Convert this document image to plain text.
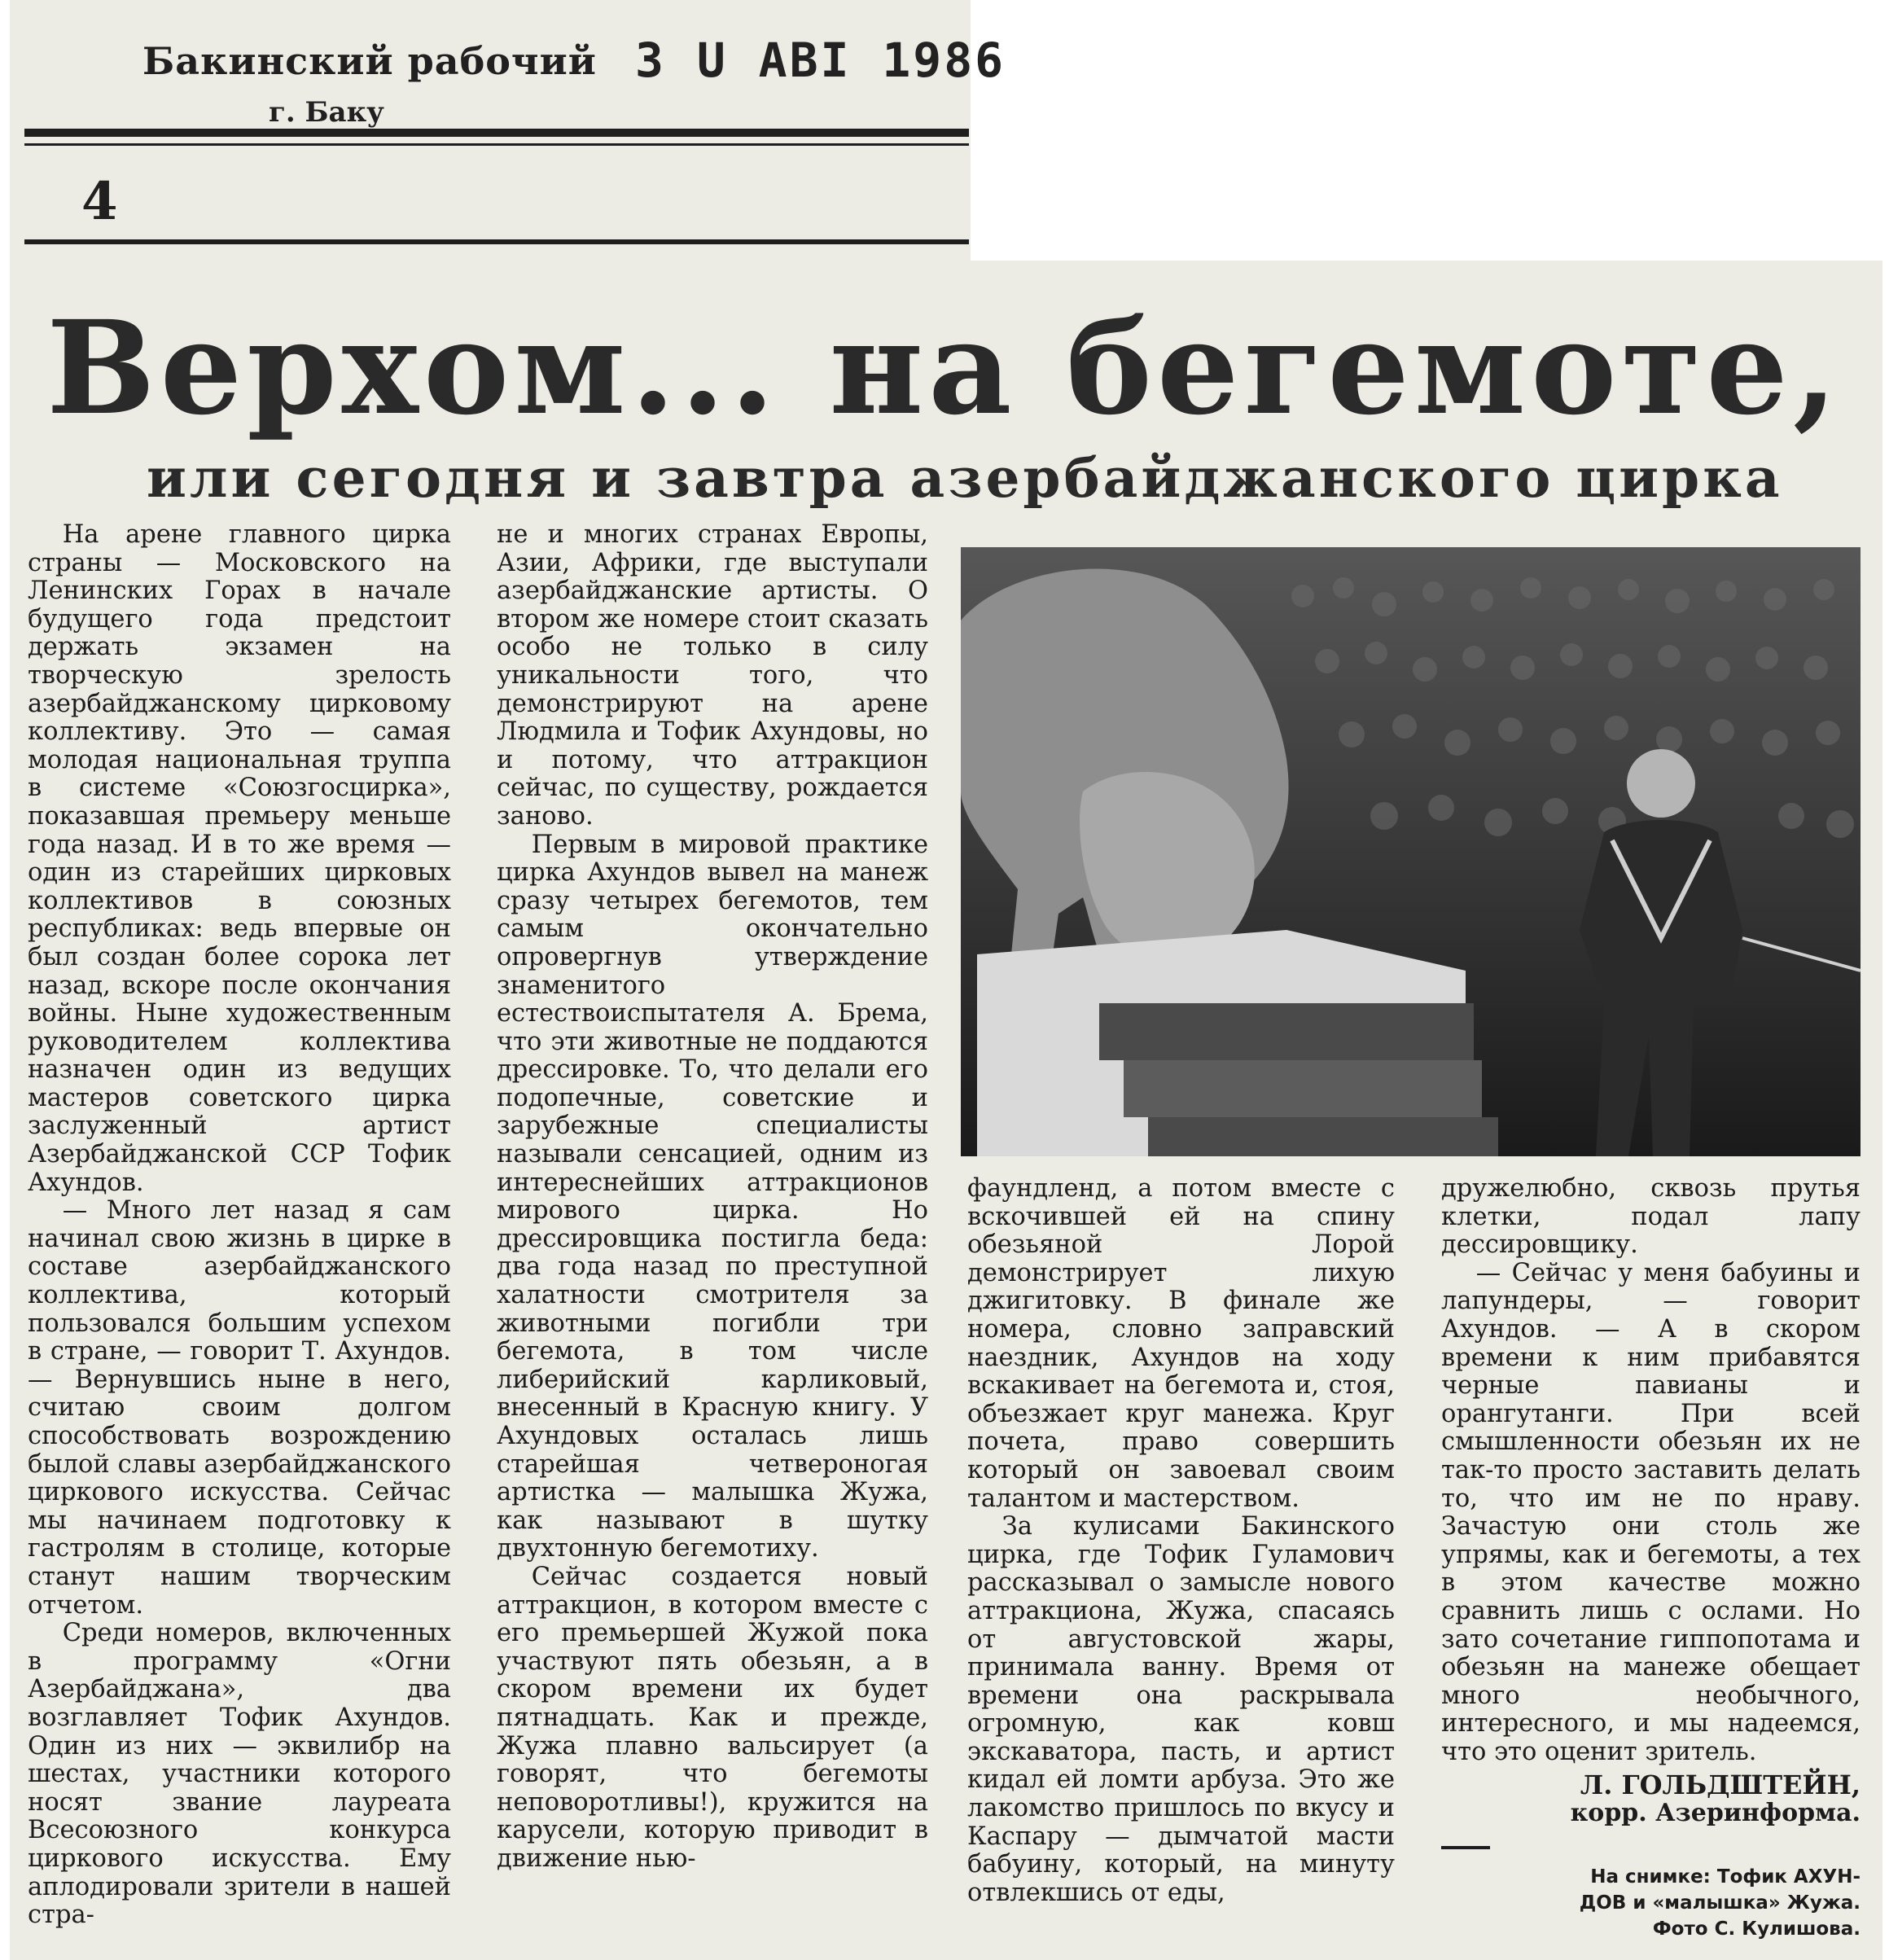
Бакинский рабочий
г. Баку
3 U ABI 1986
4
Верхом... на бегемоте,
или сегодня и завтра азербайджанского цирка

На арене главного цирка страны — Московского на Ленинских Горах в начале будущего года предстоит держать экзамен на творческую зрелость азербайджанскому цирковому коллективу. Это — самая молодая национальная труппа в системе «Союзгосцирка», показавшая премьеру меньше года назад. И в то же время — один из старейших цирковых коллективов в союзных республиках: ведь впервые он был создан более сорока лет назад, вскоре после окончания войны. Ныне художественным руководителем коллектива назначен один из ведущих мастеров советского цирка заслуженный артист Азербайджанской ССР Тофик Ахундов.

— Много лет назад я сам начинал свою жизнь в цирке в составе азербайджанского коллектива, который пользовался большим успехом в стране, — говорит Т. Ахундов. — Вернувшись ныне в него, считаю своим долгом способствовать возрождению былой славы азербайджанского циркового искусства. Сейчас мы начинаем подготовку к гастролям в столице, которые станут нашим творческим отчетом.

Среди номеров, включенных в программу «Огни Азербайджана», два возглавляет Тофик Ахундов. Один из них — эквилибр на шестах, участники которого носят звание лауреата Всесоюзного конкурса циркового искусства. Ему аплодировали зрители в нашей стра-

не и многих странах Европы, Азии, Африки, где выступали азербайджанские артисты. О втором же номере стоит сказать особо не только в силу уникальности того, что демонстрируют на арене Людмила и Тофик Ахундовы, но и потому, что аттракцион сейчас, по существу, рождается заново.

Первым в мировой практике цирка Ахундов вывел на манеж сразу четырех бегемотов, тем самым окончательно опровергнув утверждение знаменитого естествоиспытателя А. Брема, что эти животные не поддаются дрессировке. То, что делали его подопечные, советские и зарубежные специалисты называли сенсацией, одним из интереснейших аттракционов мирового цирка. Но дрессировщика постигла беда: два года назад по преступной халатности смотрителя за животными погибли три бегемота, в том числе либерийский карликовый, внесенный в Красную книгу. У Ахундовых осталась лишь старейшая четвероногая артистка — малышка Жужа, как называют в шутку двухтонную бегемотиху.

Сейчас создается новый аттракцион, в котором вместе с его премьершей Жужой пока участвуют пять обезьян, а в скором времени их будет пятнадцать. Как и прежде, Жужа плавно вальсирует (а говорят, что бегемоты неповоротливы!), кружится на карусели, которую приводит в движение нью-

фаундленд, а потом вместе с вскочившей ей на спину обезьяной Лорой демонстрирует лихую джигитовку. В финале же номера, словно заправский наездник, Ахундов на ходу вскакивает на бегемота и, стоя, объезжает круг манежа. Круг почета, право совершить который он завоевал своим талантом и мастерством.

За кулисами Бакинского цирка, где Тофик Гуламович рассказывал о замысле нового аттракциона, Жужа, спасаясь от августовской жары, принимала ванну. Время от времени она раскрывала огромную, как ковш экскаватора, пасть, и артист кидал ей ломти арбуза. Это же лакомство пришлось по вкусу и Каспару — дымчатой масти бабуину, который, на минуту отвлекшись от еды,

дружелюбно, сквозь прутья клетки, подал лапу дессировщику.

— Сейчас у меня бабуины и лапундеры, — говорит Ахундов. — А в скором времени к ним прибавятся черные павианы и орангутанги. При всей смышленности обезьян их не так-то просто заставить делать то, что им не по нраву. Зачастую они столь же упрямы, как и бегемоты, а тех в этом качестве можно сравнить лишь с ослами. Но зато сочетание гиппопотама и обезьян на манеже обещает много необычного, интересного, и мы надеемся, что это оценит зритель.

Л. ГОЛЬДШТЕЙН,
корр. Азеринформа.
На снимке: Тофик АХУН-
ДОВ и «малышка» Жужа.
Фото С. Кулишова.
